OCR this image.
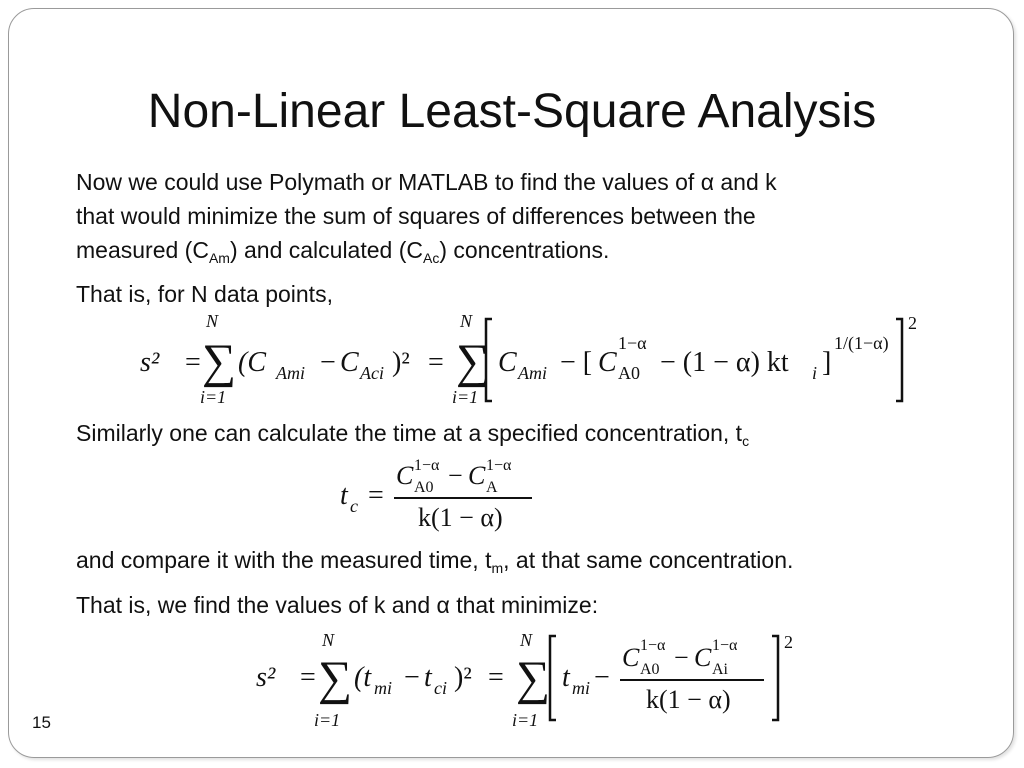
Non-Linear Least-Square Analysis
Now we could use Polymath or MATLAB to find the values of α and k
that would minimize the sum of squares of differences between the
measured $(C_{Am})$ and calculated $(C_{Ac})$ concentrations.
That is, for N data points,
s² =
N
∑
i=1
(C Ami − C Aci )² =
N
∑
i=1
C Ami − [ C A0
1−α
− (1 − α) kt i ]
1/(1−α)
2
Similarly one can calculate the time at a specified concentration, $t_c$
t c =
C A0
1−α − C A
1−α
k(1 − α)
and compare it with the measured time, $t_m$, at that same concentration.
That is, we find the values of k and α that minimize:
s² =
N
∑
i=1
(t mi − t ci )² =
N
∑
i=1
t mi −
C A0
1−α − C Ai
1−α
k(1 − α)
2
15
